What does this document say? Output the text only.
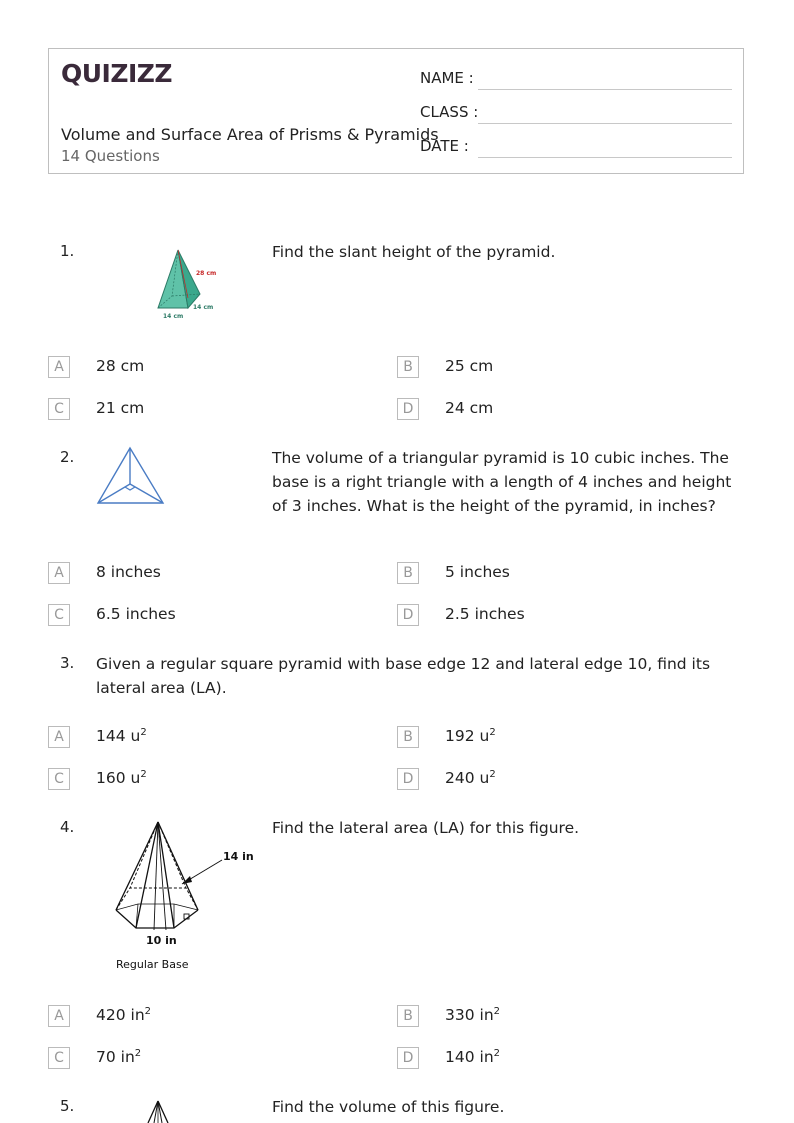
QUIZIZZ
Volume and Surface Area of Prisms & Pyramids
14 Questions
NAME :
CLASS :
DATE :
1.
28 cm
14 cm
14 cm
Find the slant height of the pyramid.
A	28 cm	B	25 cm
C	21 cm	D	24 cm
2.	The volume of a triangular pyramid is 10 cubic inches. The base is a right triangle with a length of 4 inches and height of 3 inches. What is the height of the pyramid, in inches?
A	8 inches	B	5 inches
C	6.5 inches	D	2.5 inches
3. Given a regular square pyramid with base edge 12 and lateral edge 10, find its lateral area (LA).
A	144 $u^2$	B	192 $u^2$
C	160 $u^2$	D	240 $u^2$
4.
14 in
10 in
Regular Base
Find the lateral area (LA) for this figure.
A	420 $in^2$	B	330 $in^2$
C	70 $in^2$	D	140 $in^2$
5.	Find the volume of this figure.
